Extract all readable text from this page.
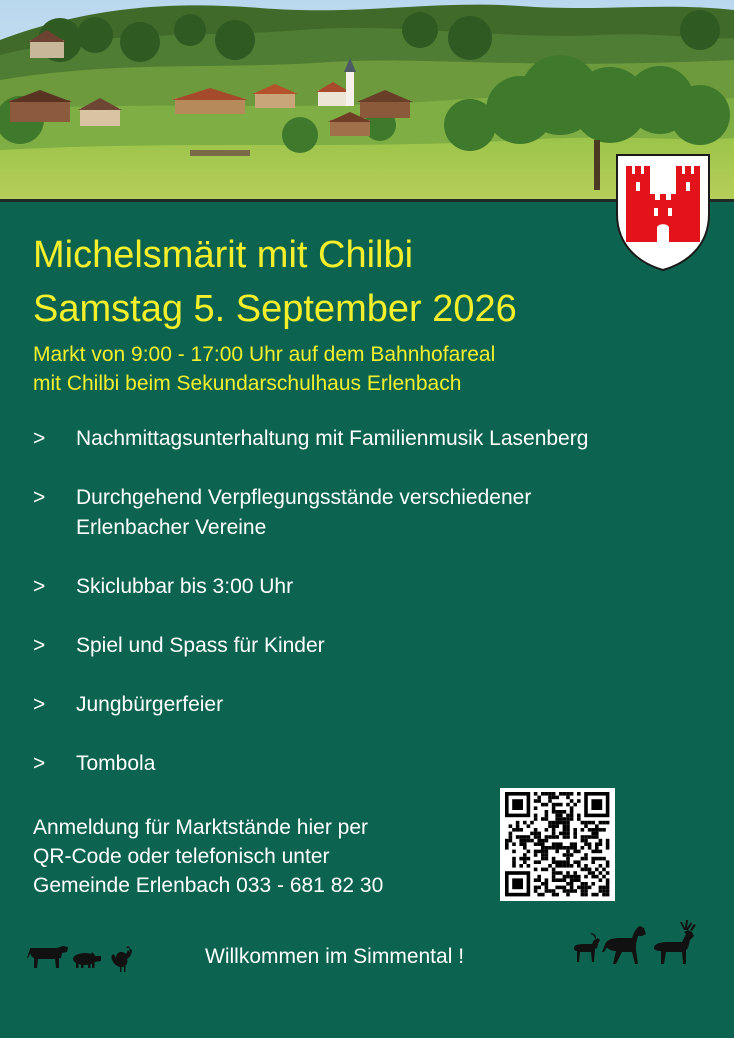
Michelsmärit mit Chilbi
Samstag 5. September 2026
Markt von 9:00 - 17:00 Uhr auf dem Bahnhofareal
mit Chilbi beim Sekundarschulhaus Erlenbach
>	Nachmittagsunterhaltung mit Familienmusik Lasenberg
>	Durchgehend Verpflegungsstände verschiedener Erlenbacher Vereine
>	Skiclubbar bis 3:00 Uhr
>	Spiel und Spass für Kinder
>	Jungbürgerfeier
>	Tombola
Anmeldung für Marktstände hier per
QR-Code oder telefonisch unter
Gemeinde Erlenbach 033 - 681 82 30
Willkommen im Simmental !
